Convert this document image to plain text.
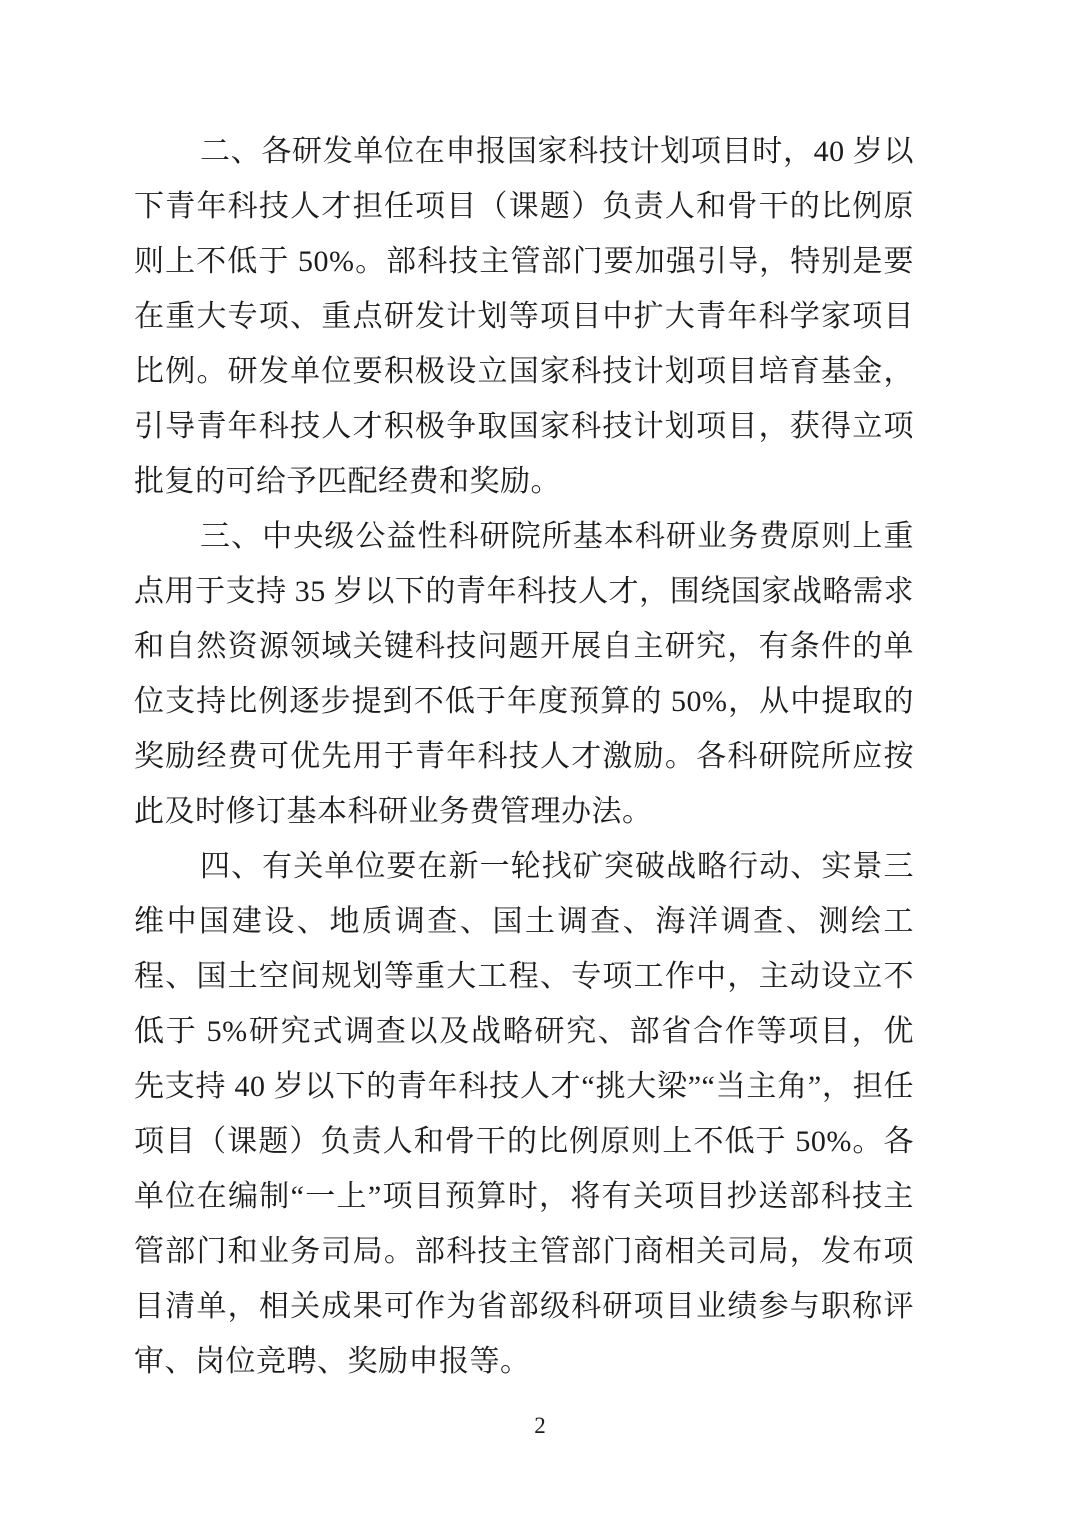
二、各研发单位在申报国家科技计划项目时，40 岁以下青年科技人才担任项目（课题）负责人和骨干的比例原则上不低于 50%。部科技主管部门要加强引导，特别是要在重大专项、重点研发计划等项目中扩大青年科学家项目比例。研发单位要积极设立国家科技计划项目培育基金，引导青年科技人才积极争取国家科技计划项目，获得立项批复的可给予匹配经费和奖励。

三、中央级公益性科研院所基本科研业务费原则上重点用于支持 35 岁以下的青年科技人才，围绕国家战略需求和自然资源领域关键科技问题开展自主研究，有条件的单位支持比例逐步提到不低于年度预算的 50%，从中提取的奖励经费可优先用于青年科技人才激励。各科研院所应按此及时修订基本科研业务费管理办法。

四、有关单位要在新一轮找矿突破战略行动、实景三维中国建设、地质调查、国土调查、海洋调查、测绘工程、国土空间规划等重大工程、专项工作中，主动设立不低于 5%研究式调查以及战略研究、部省合作等项目，优先支持 40 岁以下的青年科技人才“挑大梁”“当主角”，担任项目（课题）负责人和骨干的比例原则上不低于 50%。各单位在编制“一上”项目预算时，将有关项目抄送部科技主管部门和业务司局。部科技主管部门商相关司局，发布项目清单，相关成果可作为省部级科研项目业绩参与职称评审、岗位竞聘、奖励申报等。

2
